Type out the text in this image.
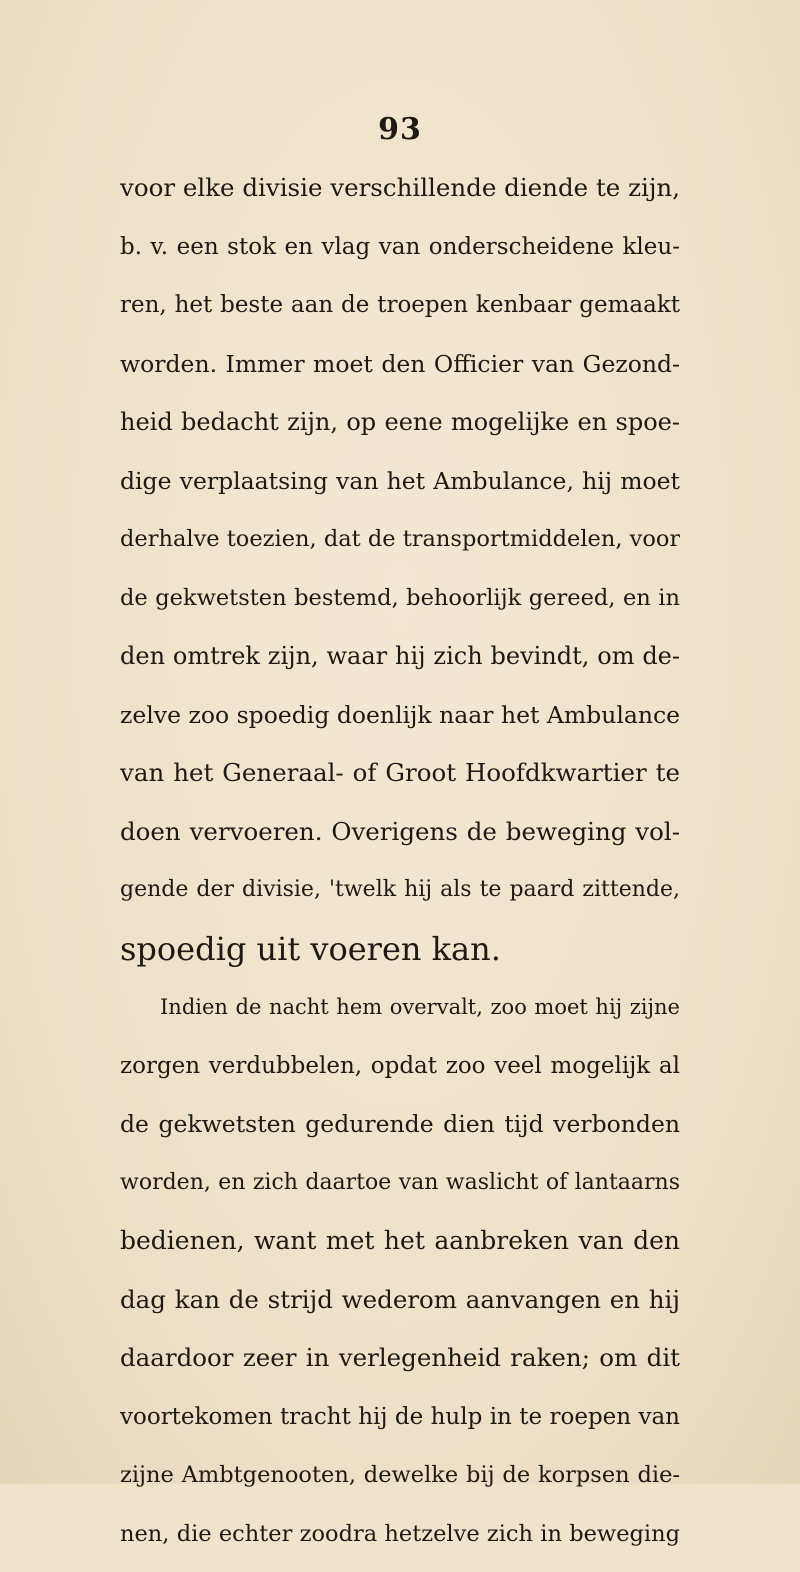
93
voor elke divisie verschillende diende te zijn,
b. v. een stok en vlag van onderscheidene kleu-
ren, het beste aan de troepen kenbaar gemaakt
worden. Immer moet den Officier van Gezond-
heid bedacht zijn, op eene mogelijke en spoe-
dige verplaatsing van het Ambulance, hij moet
derhalve toezien, dat de transportmiddelen, voor
de gekwetsten bestemd, behoorlijk gereed, en in
den omtrek zijn, waar hij zich bevindt, om de-
zelve zoo spoedig doenlijk naar het Ambulance
van het Generaal- of Groot Hoofdkwartier te
doen vervoeren. Overigens de beweging vol-
gende der divisie, 'twelk hij als te paard zittende,
spoedig uit voeren kan.
Indien de nacht hem overvalt, zoo moet hij zijne
zorgen verdubbelen, opdat zoo veel mogelijk al
de gekwetsten gedurende dien tijd verbonden
worden, en zich daartoe van waslicht of lantaarns
bedienen, want met het aanbreken van den
dag kan de strijd wederom aanvangen en hij
daardoor zeer in verlegenheid raken; om dit
voortekomen tracht hij de hulp in te roepen van
zijne Ambtgenooten, dewelke bij de korpsen die-
nen, die echter zoodra hetzelve zich in beweging
